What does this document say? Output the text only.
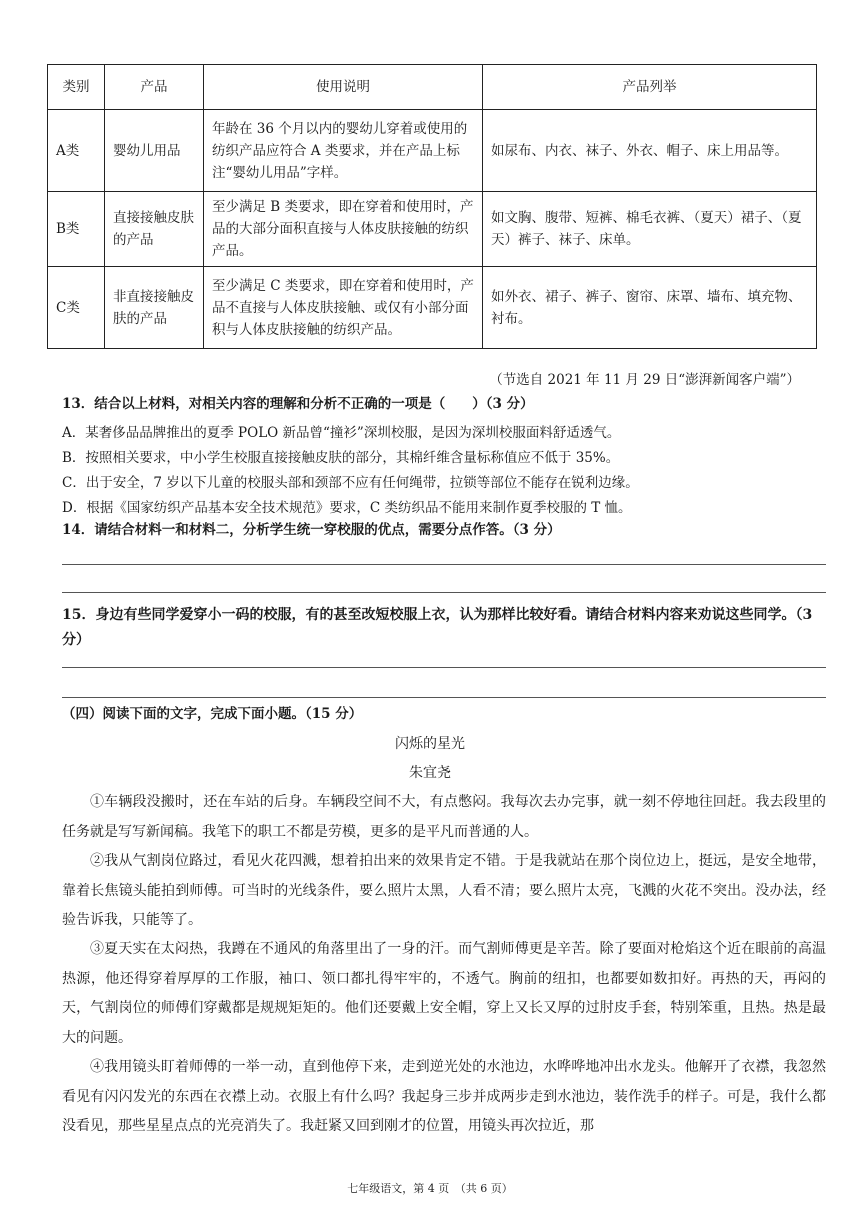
类别	产品	使用说明	产品列举
A类	婴幼儿用品	年龄在 36 个月以内的婴幼儿穿着或使用的纺织产品应符合 A 类要求，并在产品上标注“婴幼儿用品”字样。	如尿布、内衣、袜子、外衣、帽子、床上用品等。
B类	直接接触皮肤的产品	至少满足 B 类要求，即在穿着和使用时，产品的大部分面积直接与人体皮肤接触的纺织产品。	如文胸、腹带、短裤、棉毛衣裤、（夏天）裙子、（夏天）裤子、袜子、床单。
C类	非直接接触皮肤的产品	至少满足 C 类要求，即在穿着和使用时，产品不直接与人体皮肤接触、或仅有小部分面积与人体皮肤接触的纺织产品。	如外衣、裙子、裤子、窗帘、床罩、墙布、填充物、衬布。
（节选自 2021 年 11 月 29 日“澎湃新闻客户端”）
13．结合以上材料，对相关内容的理解和分析不正确的一项是（　　）（3 分）
A．某奢侈品品牌推出的夏季 POLO 新品曾“撞衫”深圳校服，是因为深圳校服面料舒适透气。
B．按照相关要求，中小学生校服直接接触皮肤的部分，其棉纤维含量标称值应不低于 35%。
C．出于安全，7 岁以下儿童的校服头部和颈部不应有任何绳带，拉锁等部位不能存在锐利边缘。
D．根据《国家纺织产品基本安全技术规范》要求，C 类纺织品不能用来制作夏季校服的 T 恤。
14．请结合材料一和材料二，分析学生统一穿校服的优点，需要分点作答。（3 分）
15．身边有些同学爱穿小一码的校服，有的甚至改短校服上衣，认为那样比较好看。请结合材料内容来劝说这些同学。（3 分）
（四）阅读下面的文字，完成下面小题。（15 分）
闪烁的星光
朱宜尧
①车辆段没搬时，还在车站的后身。车辆段空间不大，有点憋闷。我每次去办完事，就一刻不停地往回赶。我去段里的任务就是写写新闻稿。我笔下的职工不都是劳模，更多的是平凡而普通的人。
②我从气割岗位路过，看见火花四溅，想着拍出来的效果肯定不错。于是我就站在那个岗位边上，挺远，是安全地带，靠着长焦镜头能拍到师傅。可当时的光线条件，要么照片太黑，人看不清；要么照片太亮，飞溅的火花不突出。没办法，经验告诉我，只能等了。
③夏天实在太闷热，我蹲在不通风的角落里出了一身的汗。而气割师傅更是辛苦。除了要面对枪焰这个近在眼前的高温热源，他还得穿着厚厚的工作服，袖口、领口都扎得牢牢的，不透气。胸前的纽扣，也都要如数扣好。再热的天，再闷的天，气割岗位的师傅们穿戴都是规规矩矩的。他们还要戴上安全帽，穿上又长又厚的过肘皮手套，特别笨重，且热。热是最大的问题。
④我用镜头盯着师傅的一举一动，直到他停下来，走到逆光处的水池边，水哗哗地冲出水龙头。他解开了衣襟，我忽然看见有闪闪发光的东西在衣襟上动。衣服上有什么吗？我起身三步并成两步走到水池边，装作洗手的样子。可是，我什么都没看见，那些星星点点的光亮消失了。我赶紧又回到刚才的位置，用镜头再次拉近，那
七年级语文，第 4 页　（共 6 页）
